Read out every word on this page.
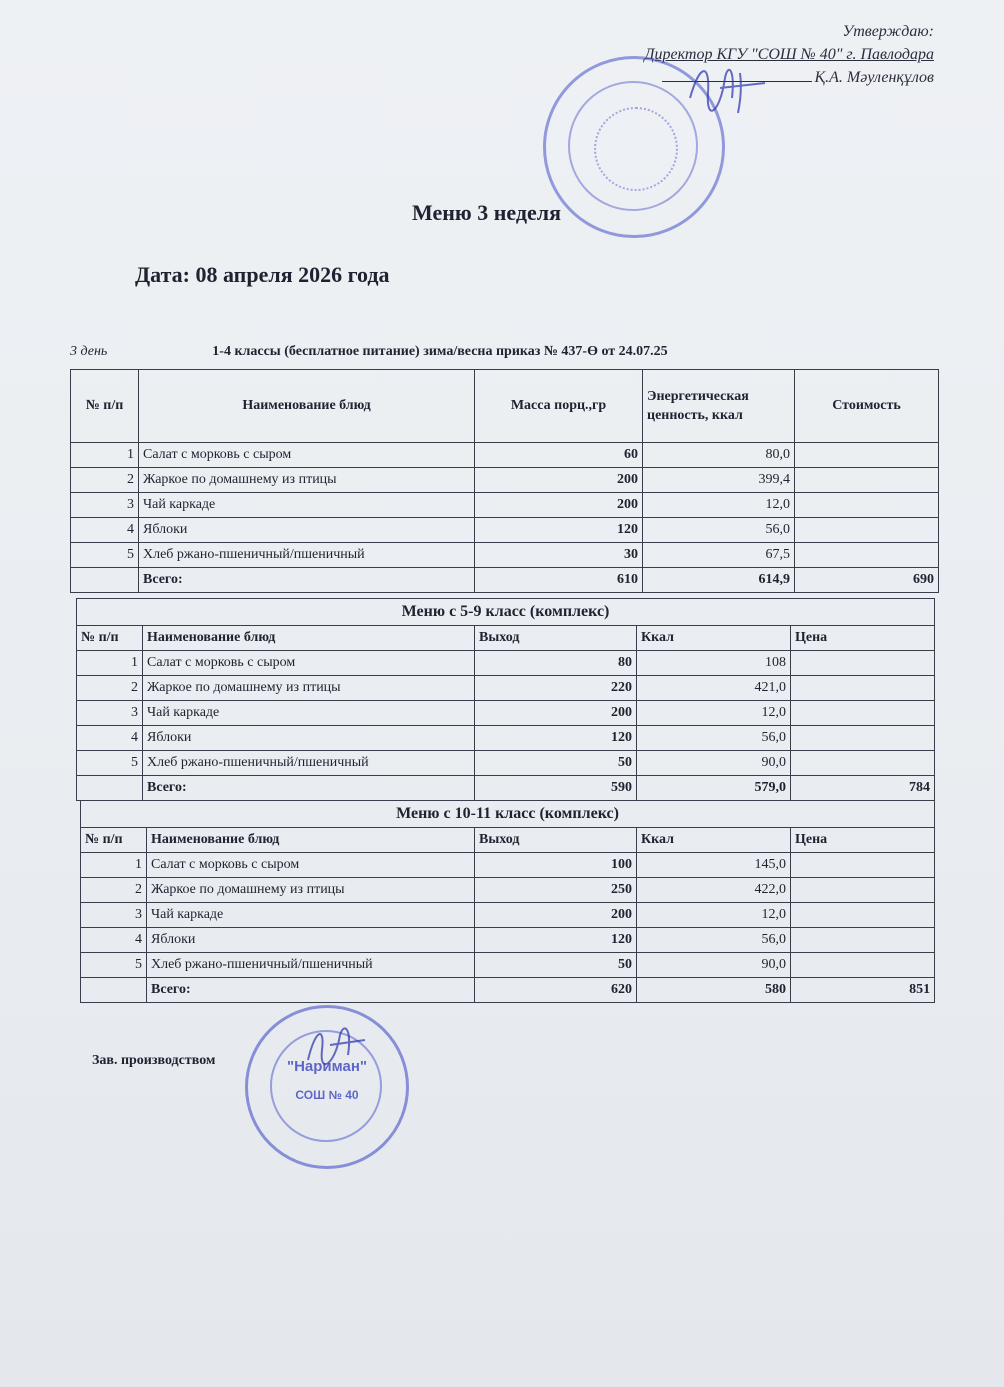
Утверждаю:
Директор КГУ "СОШ № 40" г. Павлодара
Қ.А. Мәуленқұлов
Меню 3 неделя
Дата: 08 апреля 2026 года
3 день	1-4 классы (бесплатное питание) зима/весна приказ № 437-Ө от 24.07.25
№ п/п	Наименование блюд	Масса порц.,гр	Энергетическая ценность, ккал	Стоимость
1	Салат с морковь с сыром	60	80,0	
2	Жаркое по домашнему из птицы	200	399,4	
3	Чай каркаде	200	12,0	
4	Яблоки	120	56,0	
5	Хлеб ржано-пшеничный/пшеничный	30	67,5	
	Всего:	610	614,9	690
Меню с 5-9 класс (комплекс)				
№ п/п	Наименование блюд	Выход	Ккал	Цена
1	Салат с морковь с сыром	80	108	
2	Жаркое по домашнему из птицы	220	421,0	
3	Чай каркаде	200	12,0	
4	Яблоки	120	56,0	
5	Хлеб ржано-пшеничный/пшеничный	50	90,0	
	Всего:	590	579,0	784
Меню с 10-11 класс (комплекс)				
№ п/п	Наименование блюд	Выход	Ккал	Цена
1	Салат с морковь с сыром	100	145,0	
2	Жаркое по домашнему из птицы	250	422,0	
3	Чай каркаде	200	12,0	
4	Яблоки	120	56,0	
5	Хлеб ржано-пшеничный/пшеничный	50	90,0	
	Всего:	620	580	851
Зав. производством	"Нариман"
СОШ № 40
